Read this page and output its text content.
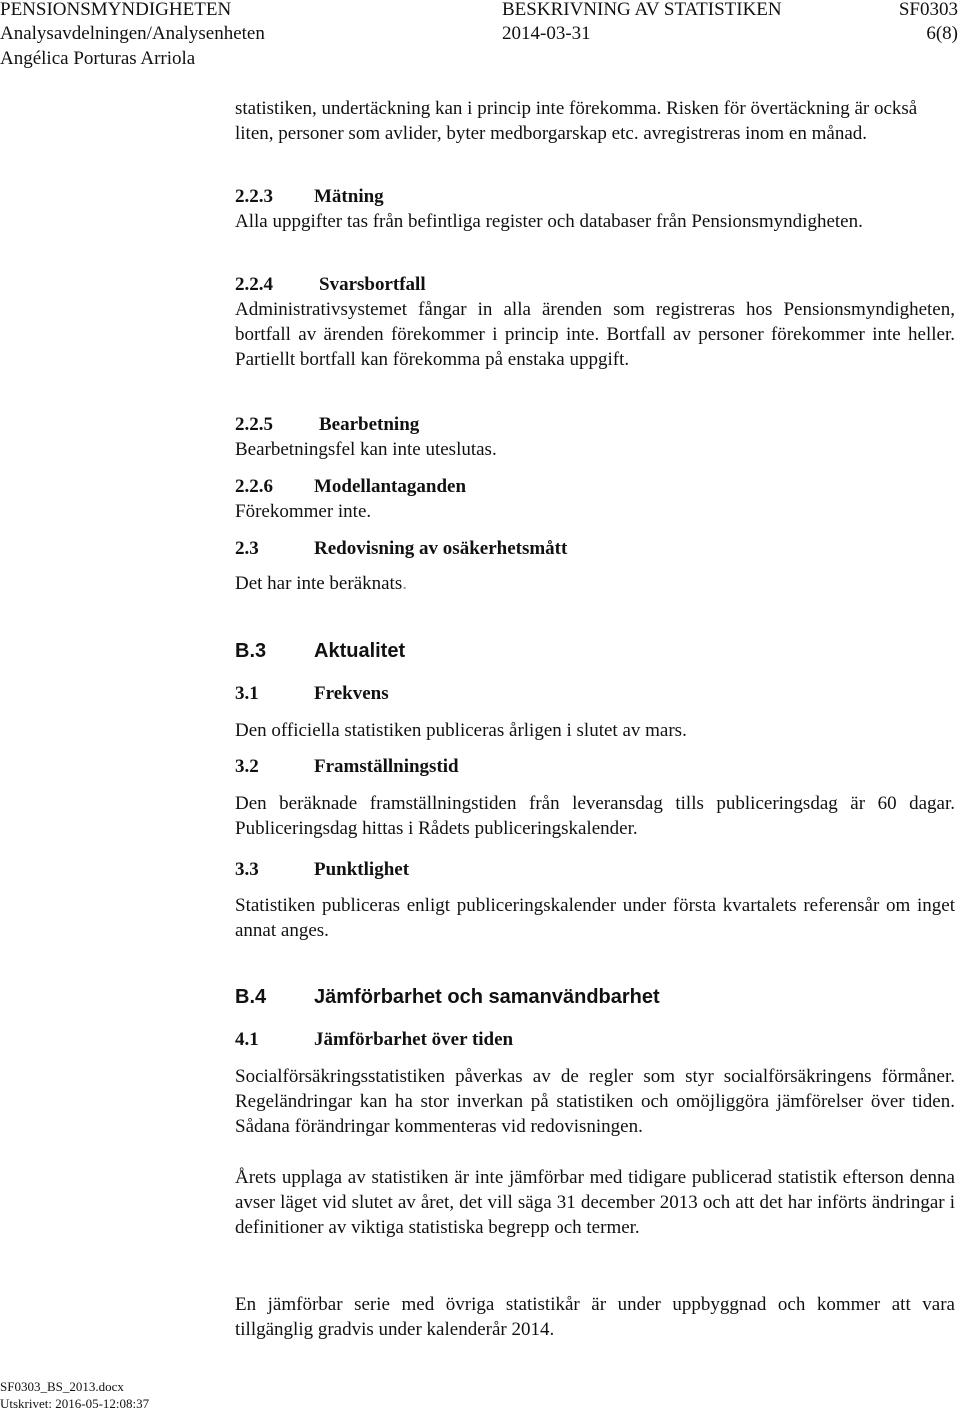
PENSIONSMYNDIGHETEN	BESKRIVNING AV STATISTIKEN	SF0303
Analysavdelningen/Analysenheten	2014-03-31	6(8)
Angélica Porturas Arriola

statistiken, undertäckning kan i princip inte förekomma. Risken för övertäckning är också liten, personer som avlider, byter medborgarskap etc. avregistreras inom en månad.

2.2.3 Mätning

Alla uppgifter tas från befintliga register och databaser från Pensionsmyndigheten.

2.2.4 Svarsbortfall

Administrativsystemet fångar in alla ärenden som registreras hos Pensionsmyndigheten, bortfall av ärenden förekommer i princip inte. Bortfall av personer förekommer inte heller. Partiellt bortfall kan förekomma på enstaka uppgift.

2.2.5 Bearbetning

Bearbetningsfel kan inte uteslutas.

2.2.6 Modellantaganden

Förekommer inte.

2.3	Redovisning av osäkerhetsmått

Det har inte beräknats.

B.3 Aktualitet
3.1	Frekvens

Den officiella statistiken publiceras årligen i slutet av mars.

3.2	Framställningstid

Den beräknade framställningstiden från leveransdag tills publiceringsdag är 60 dagar. Publiceringsdag hittas i Rådets publiceringskalender.

3.3	Punktlighet

Statistiken publiceras enligt publiceringskalender under första kvartalets referensår om inget annat anges.

B.4 Jämförbarhet och samanvändbarhet
4.1	Jämförbarhet över tiden

Socialförsäkringsstatistiken påverkas av de regler som styr socialförsäkringens förmåner. Regeländringar kan ha stor inverkan på statistiken och omöjliggöra jämförelser över tiden. Sådana förändringar kommenteras vid redovisningen.

Årets upplaga av statistiken är inte jämförbar med tidigare publicerad statistik efterson denna avser läget vid slutet av året, det vill säga 31 december 2013 och att det har införts ändringar i definitioner av viktiga statistiska begrepp och termer.

En jämförbar serie med övriga statistikår är under uppbyggnad och kommer att vara tillgänglig gradvis under kalenderår 2014.

SF0303_BS_2013.docx
Utskrivet: 2016-05-12:08:37
